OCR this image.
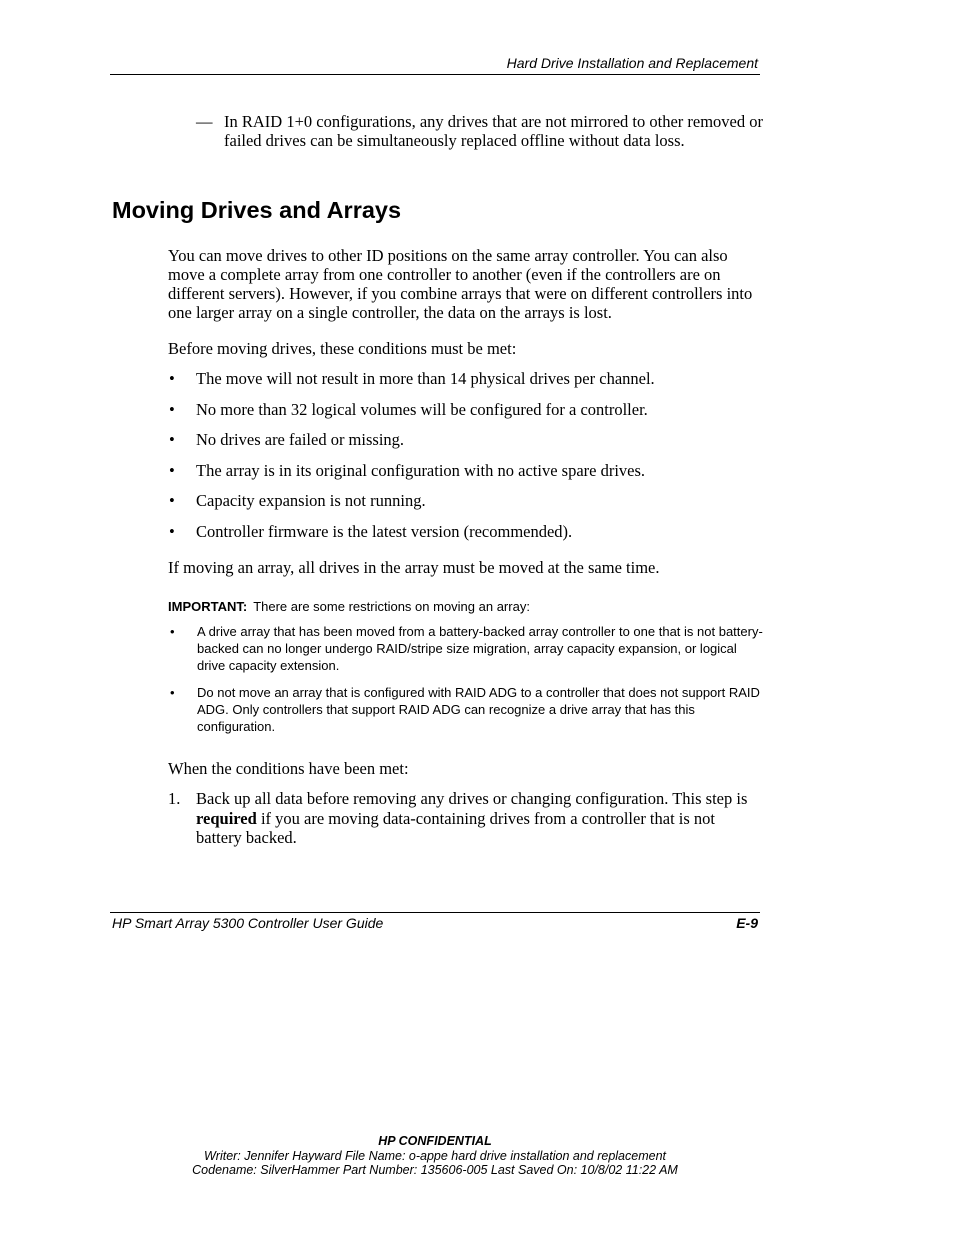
Hard Drive Installation and Replacement
— In RAID 1+0 configurations, any drives that are not mirrored to other removed or failed drives can be simultaneously replaced offline without data loss.
Moving Drives and Arrays

You can move drives to other ID positions on the same array controller. You can also move a complete array from one controller to another (even if the controllers are on different servers). However, if you combine arrays that were on different controllers into one larger array on a single controller, the data on the arrays is lost.

Before moving drives, these conditions must be met:

• The move will not result in more than 14 physical drives per channel.
• No more than 32 logical volumes will be configured for a controller.
• No drives are failed or missing.
• The array is in its original configuration with no active spare drives.
• Capacity expansion is not running.
• Controller firmware is the latest version (recommended).

If moving an array, all drives in the array must be moved at the same time.

IMPORTANT: There are some restrictions on moving an array:
• A drive array that has been moved from a battery-backed array controller to one that is not battery-backed can no longer undergo RAID/stripe size migration, array capacity expansion, or logical drive capacity extension.
• Do not move an array that is configured with RAID ADG to a controller that does not support RAID ADG. Only controllers that support RAID ADG can recognize a drive array that has this configuration.

When the conditions have been met:

1. Back up all data before removing any drives or changing configuration. This step is required if you are moving data-containing drives from a controller that is not battery backed.
HP Smart Array 5300 Controller User Guide	E-9
HP CONFIDENTIAL
Writer: Jennifer Hayward File Name: o-appe hard drive installation and replacement
Codename: SilverHammer Part Number: 135606-005 Last Saved On: 10/8/02 11:22 AM
